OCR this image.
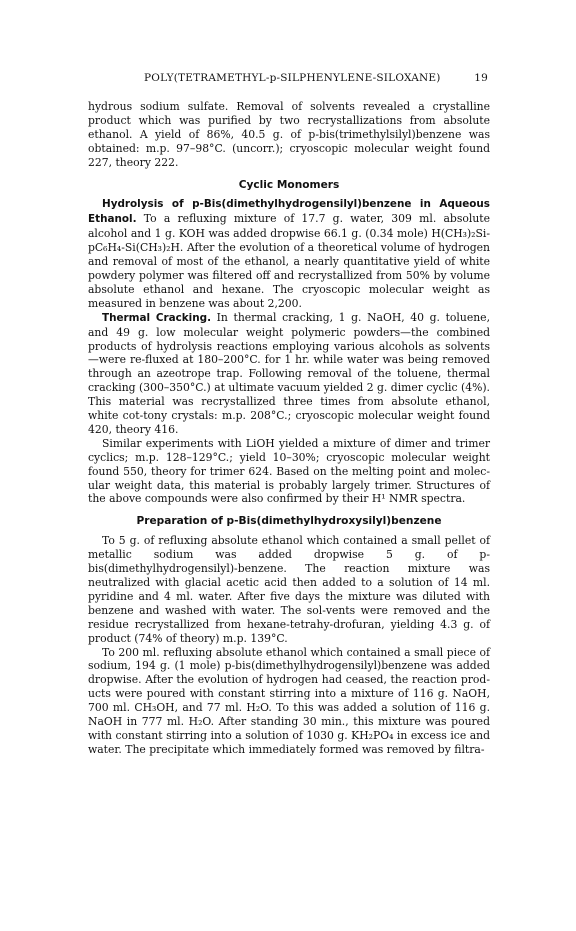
POLY(TETRAMETHYL-p-SILPHENYLENE-SILOXANE)	19

hydrous sodium sulfate. Removal of solvents revealed a crystalline product which was purified by two recrystallizations from absolute ethanol. A yield of 86%, 40.5 g. of p-bis(trimethylsilyl)benzene was obtained: m.p. 97–98°C. (uncorr.); cryoscopic molecular weight found 227, theory 222.

Cyclic Monomers

Hydrolysis of p-Bis(dimethylhydrogensilyl)benzene in Aqueous Ethanol. To a refluxing mixture of 17.7 g. water, 309 ml. absolute alcohol and 1 g. KOH was added dropwise 66.1 g. (0.34 mole) H(CH₃)₂Si-pC₆H₄-Si(CH₃)₂H. After the evolution of a theoretical volume of hydrogen and removal of most of the ethanol, a nearly quantitative yield of white powdery polymer was filtered off and recrystallized from 50% by volume absolute ethanol and hexane. The cryoscopic molecular weight as measured in benzene was about 2,200.

Thermal Cracking. In thermal cracking, 1 g. NaOH, 40 g. toluene, and 49 g. low molecular weight polymeric powders—the combined products of hydrolysis reactions employing various alcohols as solvents—were re-fluxed at 180–200°C. for 1 hr. while water was being removed through an azeotrope trap. Following removal of the toluene, thermal cracking (300–350°C.) at ultimate vacuum yielded 2 g. dimer cyclic (4%). This material was recrystallized three times from absolute ethanol, white cot-tony crystals: m.p. 208°C.; cryoscopic molecular weight found 420, theory 416.

Similar experiments with LiOH yielded a mixture of dimer and trimer cyclics; m.p. 128–129°C.; yield 10–30%; cryoscopic molecular weight found 550, theory for trimer 624. Based on the melting point and molec-ular weight data, this material is probably largely trimer. Structures of the above compounds were also confirmed by their H¹ NMR spectra.

Preparation of p-Bis(dimethylhydroxysilyl)benzene

To 5 g. of refluxing absolute ethanol which contained a small pellet of metallic sodium was added dropwise 5 g. of p-bis(dimethylhydrogensilyl)-benzene. The reaction mixture was neutralized with glacial acetic acid then added to a solution of 14 ml. pyridine and 4 ml. water. After five days the mixture was diluted with benzene and washed with water. The sol-vents were removed and the residue recrystallized from hexane-tetrahy-drofuran, yielding 4.3 g. of product (74% of theory) m.p. 139°C.

To 200 ml. refluxing absolute ethanol which contained a small piece of sodium, 194 g. (1 mole) p-bis(dimethylhydrogensilyl)benzene was added dropwise. After the evolution of hydrogen had ceased, the reaction prod-ucts were poured with constant stirring into a mixture of 116 g. NaOH, 700 ml. CH₃OH, and 77 ml. H₂O. To this was added a solution of 116 g. NaOH in 777 ml. H₂O. After standing 30 min., this mixture was poured with constant stirring into a solution of 1030 g. KH₂PO₄ in excess ice and water. The precipitate which immediately formed was removed by filtra-
